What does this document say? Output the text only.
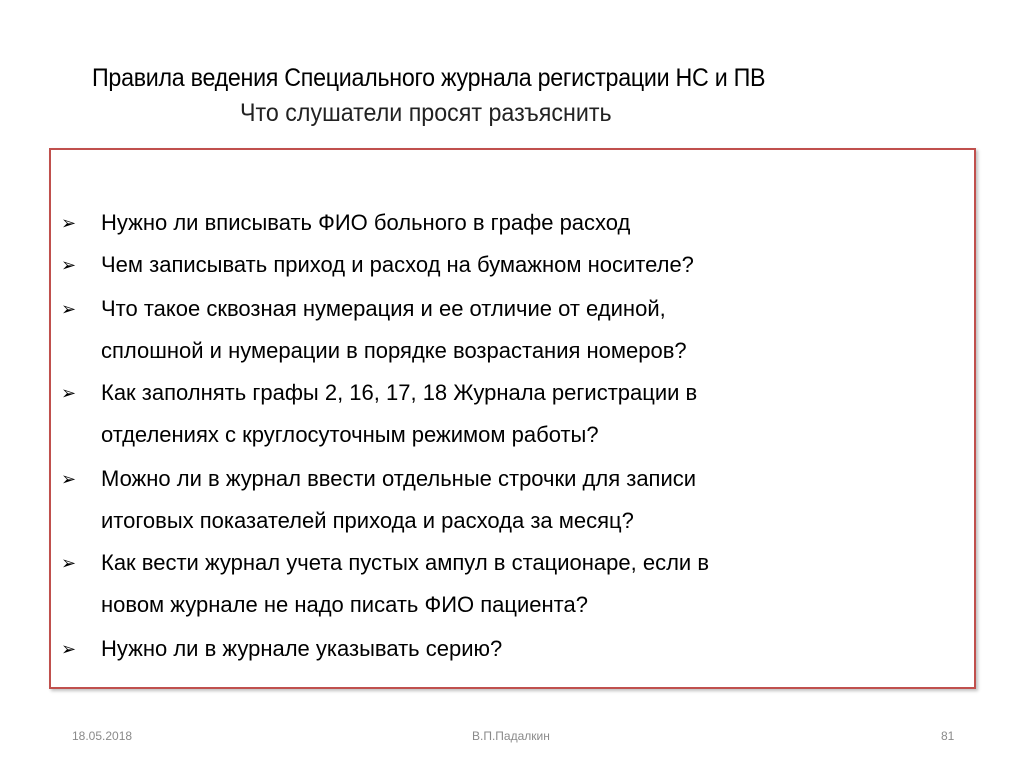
Правила ведения Специального журнала регистрации НС и ПВ
Что слушатели просят разъяснить
➢ Нужно ли вписывать ФИО больного в графе расход
➢ Чем записывать приход и расход на бумажном носителе?
➢ Что такое сквозная нумерация и ее отличие от единой,
сплошной и нумерации в порядке возрастания номеров?
➢ Как заполнять графы 2, 16, 17, 18 Журнала регистрации в
отделениях с круглосуточным режимом работы?
➢ Можно ли в журнал ввести отдельные строчки для записи
итоговых показателей прихода и расхода за месяц?
➢ Как вести журнал учета пустых ампул в стационаре, если в
новом журнале не надо писать ФИО пациента?
➢ Нужно ли в журнале указывать серию?
18.05.2018	В.П.Падалкин	81
